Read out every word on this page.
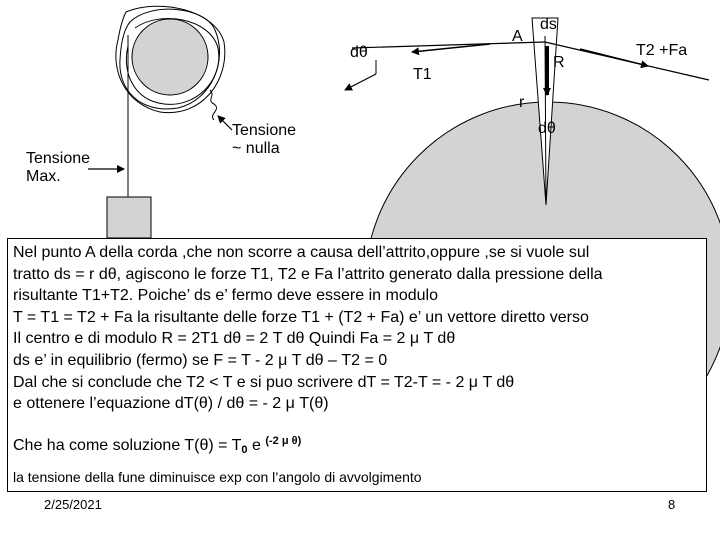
Tensione
Max.
Tensione
~ nulla
dθ
A
ds
T1
T2 +Fa
R
r
dθ
Nel punto A della corda ,che non scorre a causa dell’attrito,oppure ,se si vuole sul
tratto ds = r dθ, agiscono le forze T1, T2 e Fa l’attrito generato dalla pressione della
risultante T1+T2. Poiche’ ds e’ fermo deve essere in modulo
T = T1 = T2 + Fa la risultante delle forze T1 + (T2 + Fa) e’ un vettore diretto verso
Il centro e di modulo R = 2T1 dθ = 2 T dθ Quindi Fa = 2 μ T dθ
ds e’ in equilibrio (fermo) se F = T - 2 μ T dθ – T2 = 0
Dal che si conclude che T2 < T e si puo scrivere dT = T2-T = - 2 μ T dθ
e ottenere l’equazione dT(θ) / dθ = - 2 μ T(θ)
Che ha come soluzione $T(\theta) = T_0$ e $^{(-2 \mu \theta)}$
la tensione della fune diminuisce exp con l’angolo di avvolgimento
2/25/2021	8
